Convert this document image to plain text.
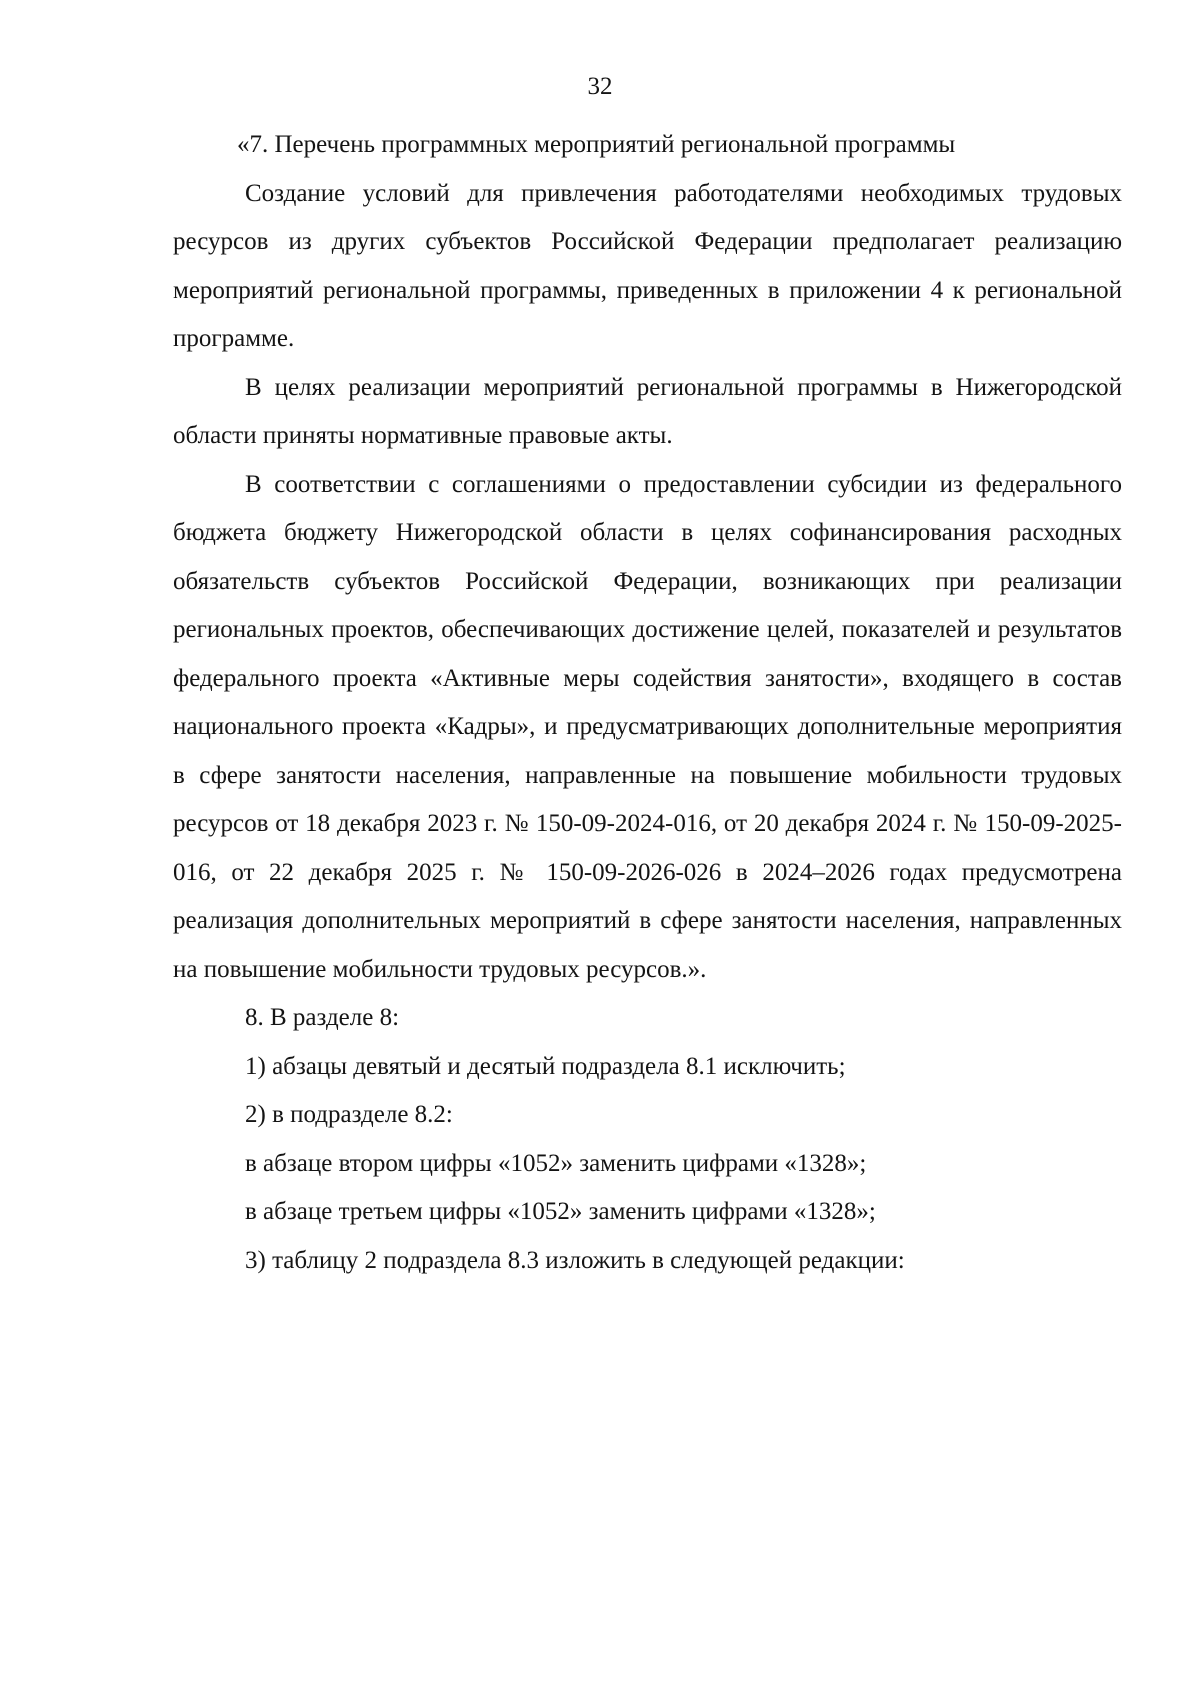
32

«7. Перечень программных мероприятий региональной программы

Создание условий для привлечения работодателями необходимых трудовых ресурсов из других субъектов Российской Федерации предполагает реализацию мероприятий региональной программы, приведенных в приложении 4 к региональной программе.

В целях реализации мероприятий региональной программы в Нижегородской области приняты нормативные правовые акты.

В соответствии с соглашениями о предоставлении субсидии из федерального бюджета бюджету Нижегородской области в целях софинансирования расходных обязательств субъектов Российской Федерации, возникающих при реализации региональных проектов, обеспечивающих достижение целей, показателей и результатов федерального проекта «Активные меры содействия занятости», входящего в состав национального проекта «Кадры», и предусматривающих дополнительные мероприятия в сфере занятости населения, направленные на повышение мобильности трудовых ресурсов от 18 декабря 2023 г. № 150-09-2024-016, от 20 декабря 2024 г. № 150-09-2025-016, от 22 декабря 2025 г. № 150-09-2026-026 в 2024–2026 годах предусмотрена реализация дополнительных мероприятий в сфере занятости населения, направленных на повышение мобильности трудовых ресурсов.».

8. В разделе 8:

1) абзацы девятый и десятый подраздела 8.1 исключить;

2) в подразделе 8.2:

в абзаце втором цифры «1052» заменить цифрами «1328»;

в абзаце третьем цифры «1052» заменить цифрами «1328»;

3) таблицу 2 подраздела 8.3 изложить в следующей редакции:
